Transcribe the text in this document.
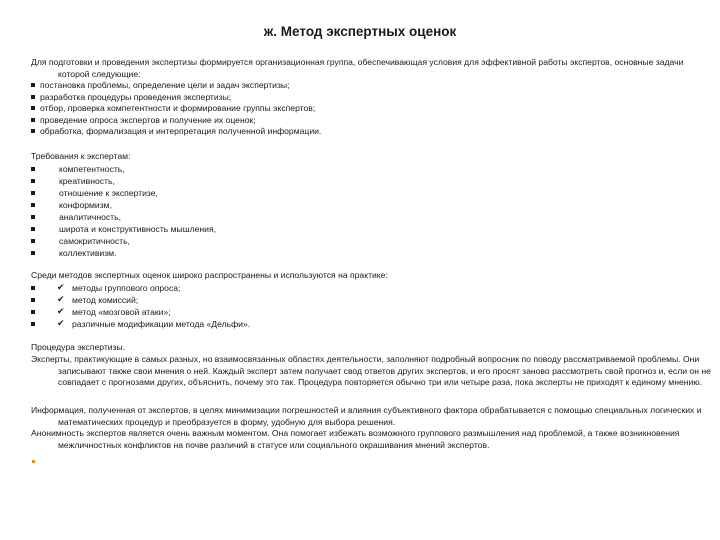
ж. Метод экспертных оценок

Для подготовки и проведения экспертизы формируется организационная группа, обеспечивающая условия для эффективной работы экспертов, основные задачи которой следующие:

постановка проблемы, определение цели и задач экспертизы;

разработка процедуры проведения экспертизы;

отбор, проверка компетентности и формирование группы экспертов;

проведение опроса экспертов и получение их оценок;

обработка, формализация и интерпретация полученной информации.

Требования к экспертам:

компетентность,
креативность,
отношение к экспертизе,
конформизм,
аналитичность,
широта и конструктивность мышления,
самокритичность,
коллективизм.

Среди методов экспертных оценок широко распространены и используются на практике:

✔ методы группового опроса;
✔ метод комиссий;
✔ метод «мозговой атаки»;
✔ различные модификации метода «Дельфи».

Процедура экспертизы.

Эксперты, практикующие в самых разных, но взаимосвязанных областях деятельности, заполняют подробный вопросник по поводу рассматриваемой проблемы. Они записывают также свои мнения о ней. Каждый эксперт затем получает свод ответов других экспертов, и его просят заново рассмотреть свой прогноз и, если он не совпадает с прогнозами других, объяснить, почему это так. Процедура повторяется обычно три или четыре раза, пока эксперты не приходят к единому мнению.

Информация, полученная от экспертов, в целях минимизации погрешностей и влияния субъективного фактора обрабатывается с помощью специальных логических и математических процедур и преобразуется в форму, удобную для выбора решения.

Анонимность экспертов является очень важным моментом. Она помогает избежать возможного группового размышления над проблемой, а также возникновения межличностных конфликтов на почве различий в статусе или социального окрашивания мнений экспертов.
